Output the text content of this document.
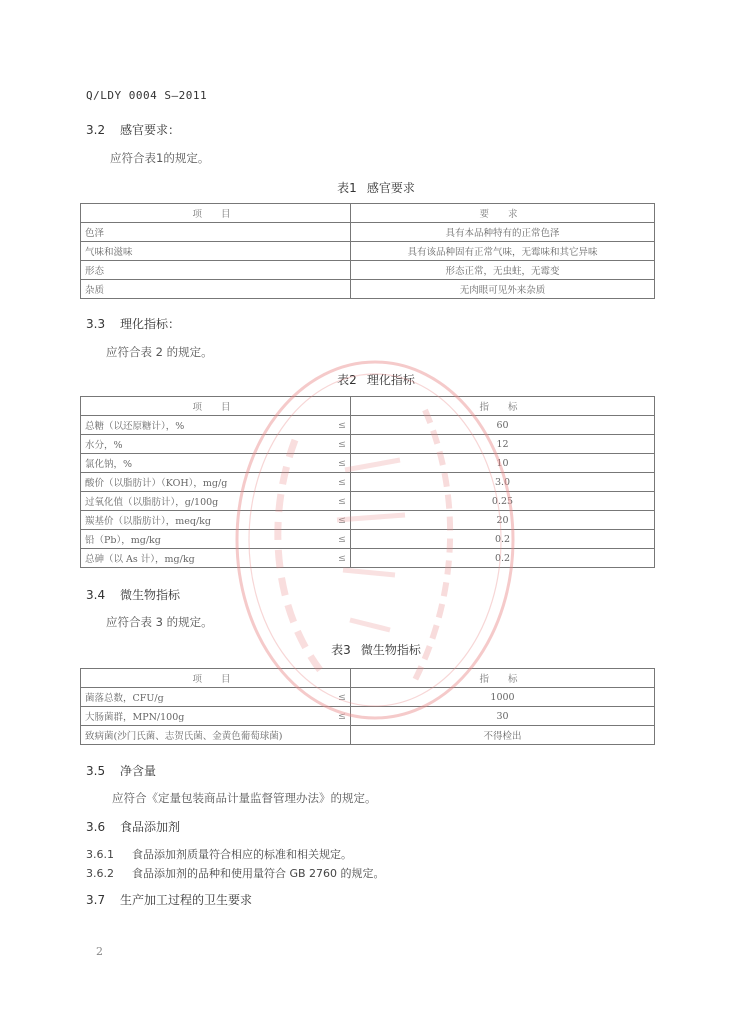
Q/LDY 0004 S—2011
3.2 感官要求：
应符合表1的规定。
表1 感官要求
项 目	要 求
色泽	具有本品种特有的正常色泽
气味和滋味	具有该品种固有正常气味，无霉味和其它异味
形态	形态正常，无虫蛀，无霉变
杂质	无肉眼可见外来杂质
3.3 理化指标：
应符合表 2 的规定。
表2 理化指标
项 目		指 标
总糖（以还原糖计），%	≤	60
水分，%	≤	12
氯化钠，%	≤	10
酸价（以脂肪计）（KOH），mg/g	≤	3.0
过氧化值（以脂肪计），g/100g	≤	0.25
羰基价（以脂肪计），meq/kg	≤	20
铅（Pb），mg/kg	≤	0.2
总砷（以 As 计），mg/kg	≤	0.2
3.4 微生物指标
应符合表 3 的规定。
表3 微生物指标
项 目		指 标
菌落总数，CFU/g	≤	1000
大肠菌群，MPN/100g	≤	30
致病菌(沙门氏菌、志贺氏菌、金黄色葡萄球菌)		不得检出
3.5 净含量
应符合《定量包装商品计量监督管理办法》的规定。
3.6 食品添加剂
3.6.1 食品添加剂质量符合相应的标准和相关规定。
3.6.2 食品添加剂的品种和使用量符合 GB 2760 的规定。
3.7 生产加工过程的卫生要求
2
